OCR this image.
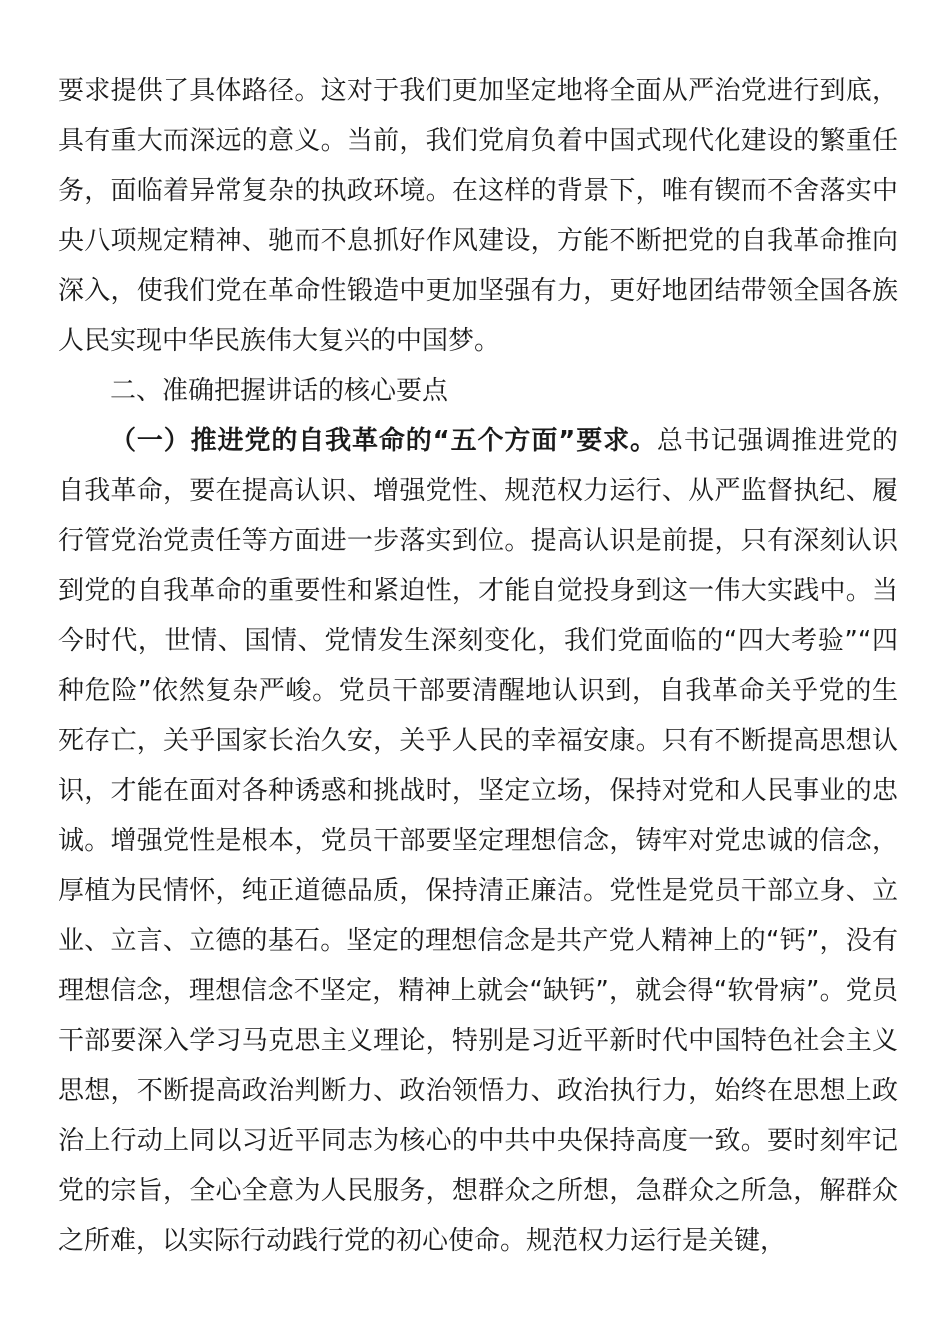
要求提供了具体路径。这对于我们更加坚定地将全面从严治党进行到底，具有重大而深远的意义。当前，我们党肩负着中国式现代化建设的繁重任务，面临着异常复杂的执政环境。在这样的背景下，唯有锲而不舍落实中央八项规定精神、驰而不息抓好作风建设，方能不断把党的自我革命推向深入，使我们党在革命性锻造中更加坚强有力，更好地团结带领全国各族人民实现中华民族伟大复兴的中国梦。

二、准确把握讲话的核心要点

（一）推进党的自我革命的“五个方面”要求。总书记强调推进党的自我革命，要在提高认识、增强党性、规范权力运行、从严监督执纪、履行管党治党责任等方面进一步落实到位。提高认识是前提，只有深刻认识到党的自我革命的重要性和紧迫性，才能自觉投身到这一伟大实践中。当今时代，世情、国情、党情发生深刻变化，我们党面临的“四大考验”“四种危险”依然复杂严峻。党员干部要清醒地认识到，自我革命关乎党的生死存亡，关乎国家长治久安，关乎人民的幸福安康。只有不断提高思想认识，才能在面对各种诱惑和挑战时，坚定立场，保持对党和人民事业的忠诚。增强党性是根本，党员干部要坚定理想信念，铸牢对党忠诚的信念，厚植为民情怀，纯正道德品质，保持清正廉洁。党性是党员干部立身、立业、立言、立德的基石。坚定的理想信念是共产党人精神上的“钙”，没有理想信念，理想信念不坚定，精神上就会“缺钙”，就会得“软骨病”。党员干部要深入学习马克思主义理论，特别是习近平新时代中国特色社会主义思想，不断提高政治判断力、政治领悟力、政治执行力，始终在思想上政治上行动上同以习近平同志为核心的中共中央保持高度一致。要时刻牢记党的宗旨，全心全意为人民服务，想群众之所想，急群众之所急，解群众之所难，以实际行动践行党的初心使命。规范权力运行是关键，
